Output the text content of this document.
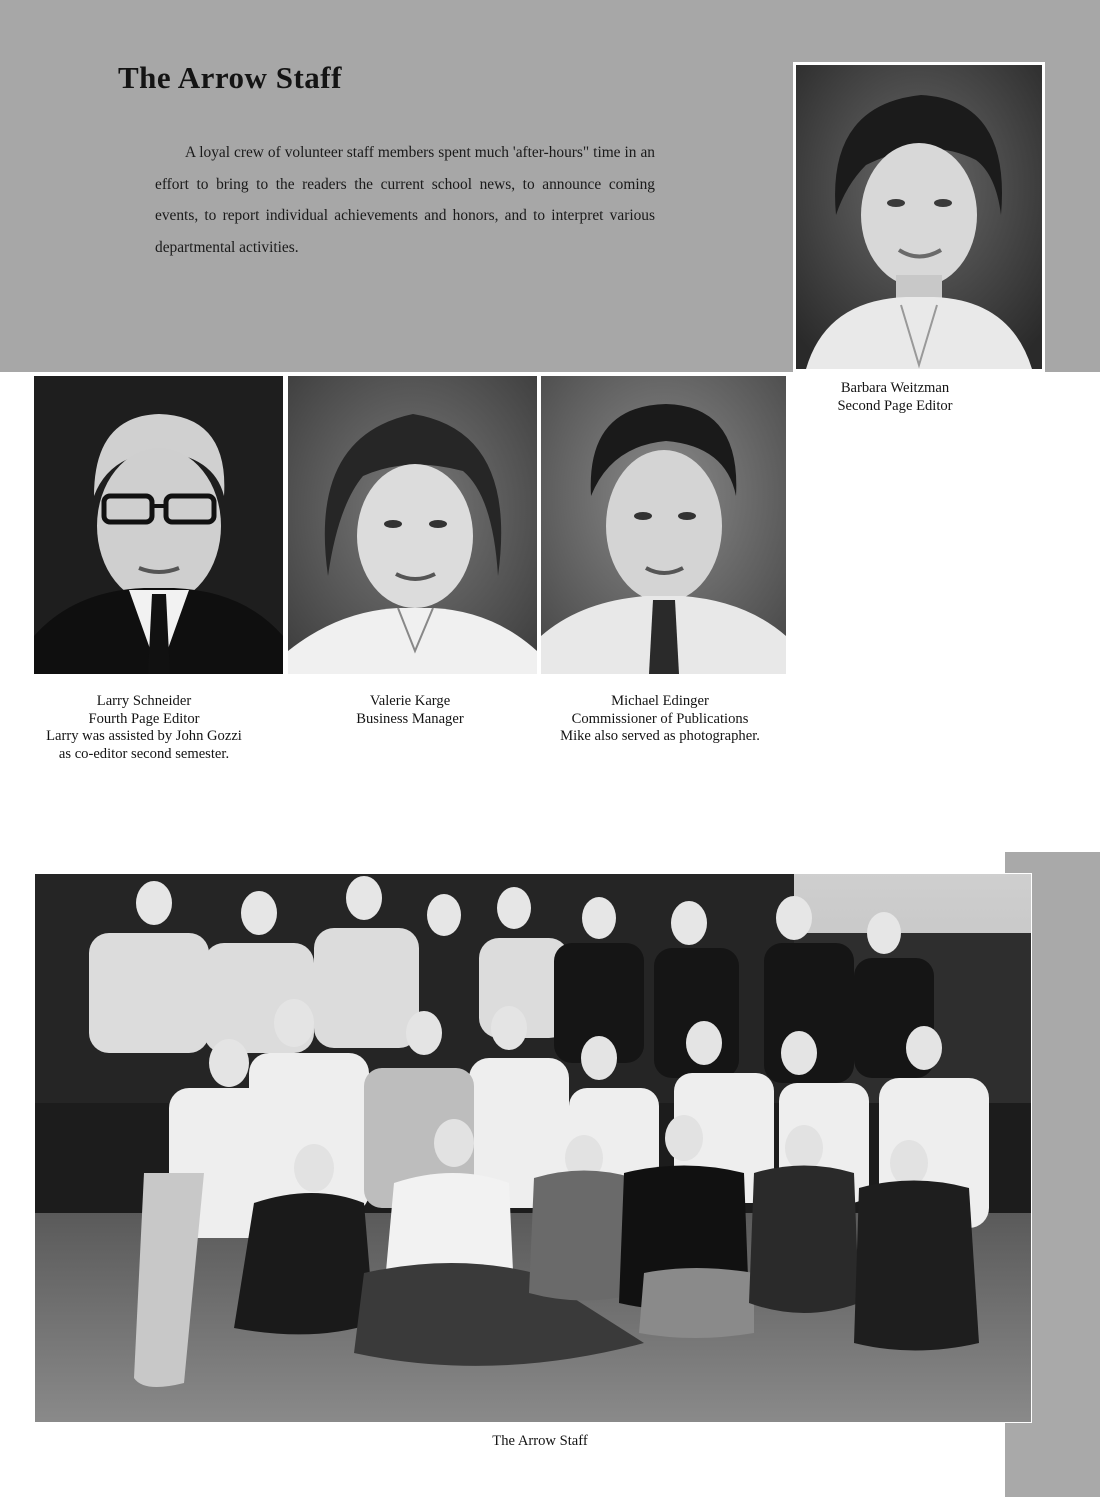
The Arrow Staff

A loyal crew of volunteer staff members spent much 'after-hours" time in an effort to bring to the readers the current school news, to announce coming events, to report individual achievements and honors, and to interpret various departmental activities.

Barbara Weitzman
Second Page Editor
Larry Schneider
Fourth Page Editor
Larry was assisted by John Gozzi
as co-editor second semester.
Valerie Karge
Business Manager
Michael Edinger
Commissioner of Publications
Mike also served as photographer.
The Arrow Staff
